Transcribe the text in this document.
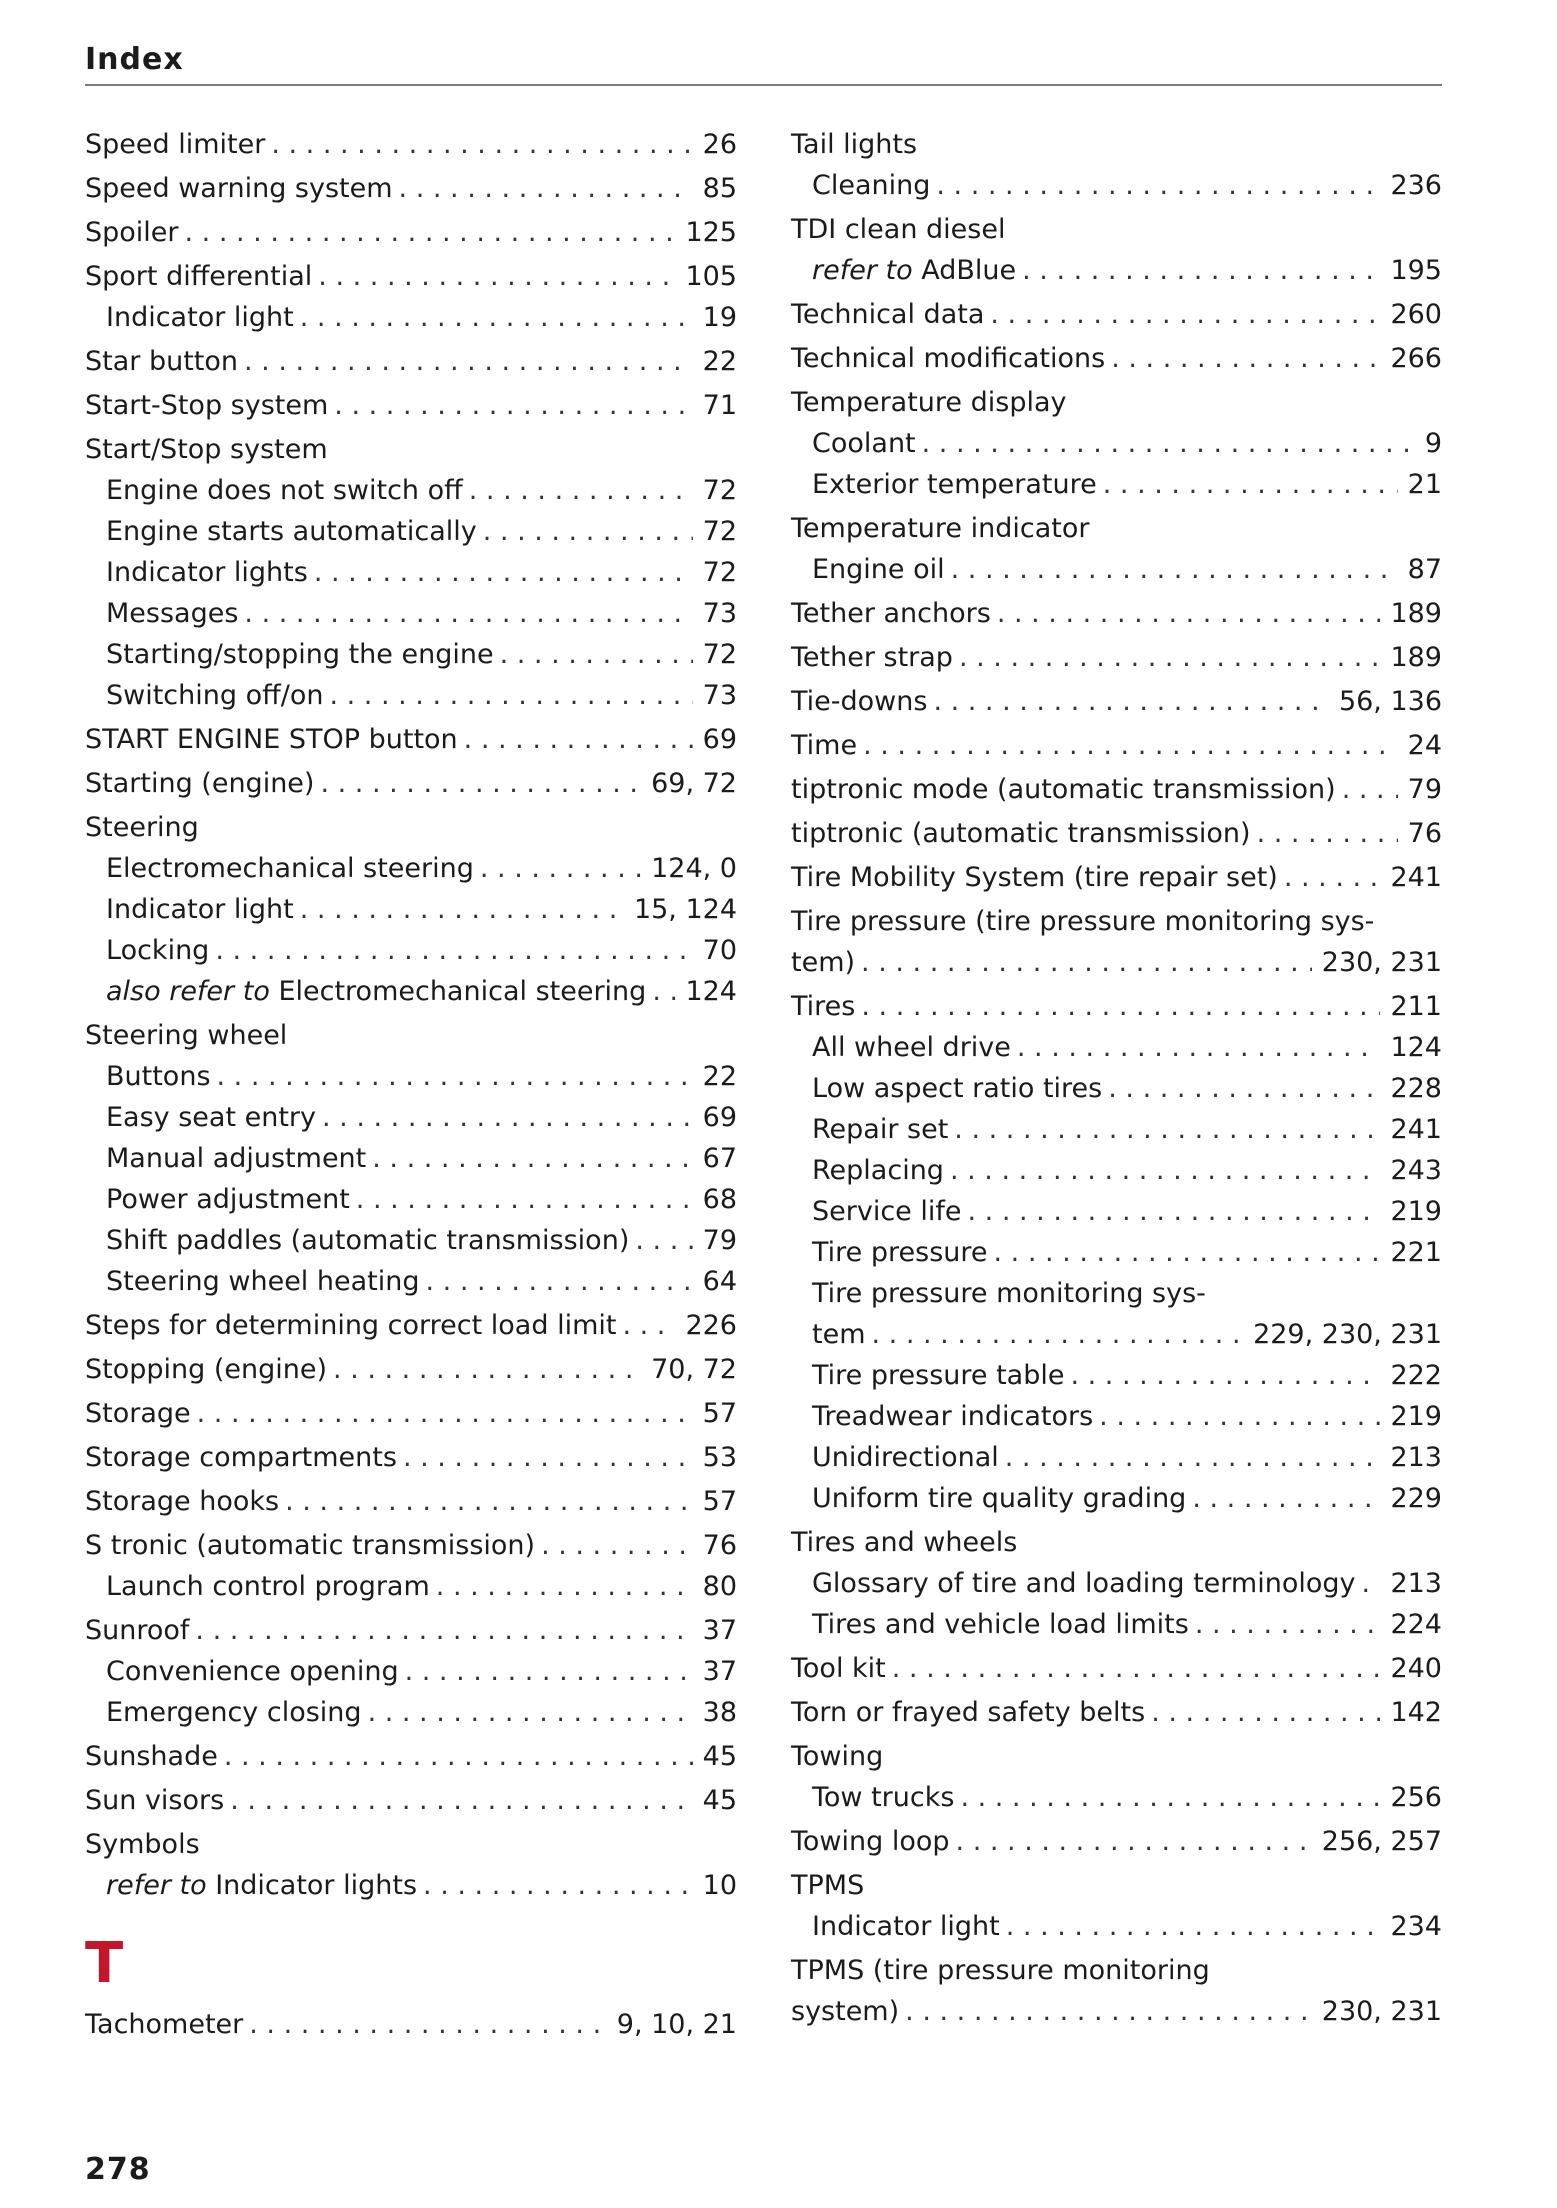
Index
Speed limiter . . .	26
Speed warning system . . .	85
Spoiler . . .	125
Sport differential . . .	105
Indicator light . . .	19
Star button . . .	22
Start-Stop system . . .	71
Start/Stop system
Engine does not switch off . . .	72
Engine starts automatically . . .	72
Indicator lights . . .	72
Messages . . .	73
Starting/stopping the engine . . .	72
Switching off/on . . .	73
START ENGINE STOP button . . .	69
Starting (engine) . . .	69, 72
Steering
Electromechanical steering . . .	124, 0
Indicator light . . .	15, 124
Locking . . .	70
also refer to Electromechanical steering . . . 124
Steering wheel
Buttons . . .	22
Easy seat entry . . .	69
Manual adjustment . . .	67
Power adjustment . . .	68
Shift paddles (automatic transmission) . . .	79
Steering wheel heating . . .	64
Steps for determining correct load limit . . .	226
Stopping (engine) . . .	70, 72
Storage . . .	57
Storage compartments . . .	53
Storage hooks . . .	57
S tronic (automatic transmission) . . .	76
Launch control program . . .	80
Sunroof . . .	37
Convenience opening . . .	37
Emergency closing . . .	38
Sunshade . . .	45
Sun visors . . .	45
Symbols
refer to Indicator lights . . .	10
T
Tachometer . . .	9, 10, 21
Tail lights
Cleaning . . .	236
TDI clean diesel
refer to AdBlue . . .	195
Technical data . . .	260
Technical modifications . . .	266
Temperature display
Coolant . . .	9
Exterior temperature . . .	21
Temperature indicator
Engine oil . . .	87
Tether anchors . . .	189
Tether strap . . .	189
Tie-downs . . .	56, 136
Time . . .	24
tiptronic mode (automatic transmission) . . .	79
tiptronic (automatic transmission) . . .	76
Tire Mobility System (tire repair set) . . .	241
Tire pressure (tire pressure monitoring sys-
tem) . . .	230, 231
Tires . . .	211
All wheel drive . . .	124
Low aspect ratio tires . . .	228
Repair set . . .	241
Replacing . . .	243
Service life . . .	219
Tire pressure . . .	221
Tire pressure monitoring sys-
tem . . .	229, 230, 231
Tire pressure table . . .	222
Treadwear indicators . . .	219
Unidirectional . . .	213
Uniform tire quality grading . . .	229
Tires and wheels
Glossary of tire and loading terminology . . . 213
Tires and vehicle load limits . . .	224
Tool kit . . .	240
Torn or frayed safety belts . . .	142
Towing
Tow trucks . . .	256
Towing loop . . .	256, 257
TPMS
Indicator light . . .	234
TPMS (tire pressure monitoring
system) . . .	230, 231
278
